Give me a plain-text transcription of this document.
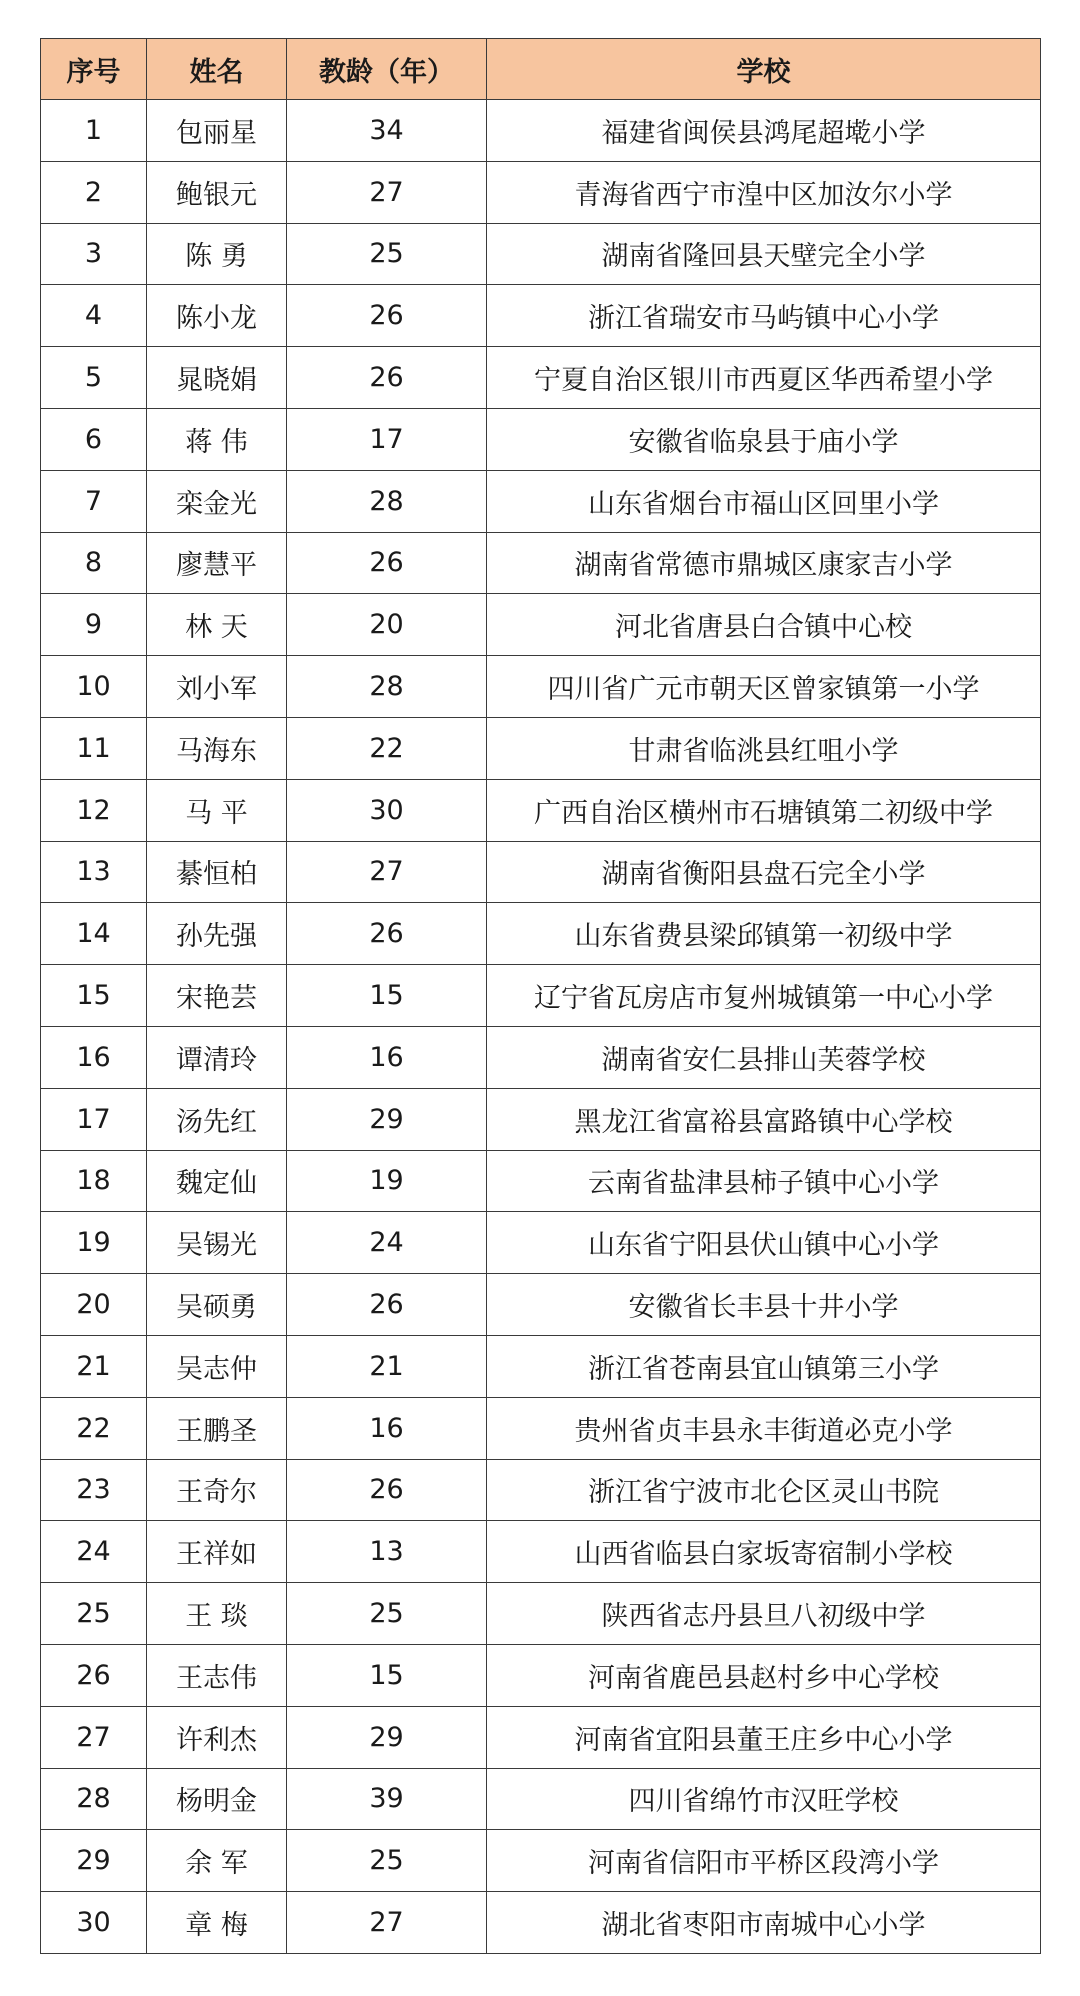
序号	姓名	教龄（年）	学校
1	包丽星	34	福建省闽侯县鸿尾超墘小学
2	鲍银元	27	青海省西宁市湟中区加汝尔小学
3	陈 勇	25	湖南省隆回县天壁完全小学
4	陈小龙	26	浙江省瑞安市马屿镇中心小学
5	晁晓娟	26	宁夏自治区银川市西夏区华西希望小学
6	蒋 伟	17	安徽省临泉县于庙小学
7	栾金光	28	山东省烟台市福山区回里小学
8	廖慧平	26	湖南省常德市鼎城区康家吉小学
9	林 天	20	河北省唐县白合镇中心校
10	刘小军	28	四川省广元市朝天区曾家镇第一小学
11	马海东	22	甘肃省临洮县红咀小学
12	马 平	30	广西自治区横州市石塘镇第二初级中学
13	綦恒柏	27	湖南省衡阳县盘石完全小学
14	孙先强	26	山东省费县梁邱镇第一初级中学
15	宋艳芸	15	辽宁省瓦房店市复州城镇第一中心小学
16	谭清玲	16	湖南省安仁县排山芙蓉学校
17	汤先红	29	黑龙江省富裕县富路镇中心学校
18	魏定仙	19	云南省盐津县柿子镇中心小学
19	吴锡光	24	山东省宁阳县伏山镇中心小学
20	吴硕勇	26	安徽省长丰县十井小学
21	吴志仲	21	浙江省苍南县宜山镇第三小学
22	王鹏圣	16	贵州省贞丰县永丰街道必克小学
23	王奇尔	26	浙江省宁波市北仑区灵山书院
24	王祥如	13	山西省临县白家坂寄宿制小学校
25	王 琰	25	陕西省志丹县旦八初级中学
26	王志伟	15	河南省鹿邑县赵村乡中心学校
27	许利杰	29	河南省宜阳县董王庄乡中心小学
28	杨明金	39	四川省绵竹市汉旺学校
29	余 军	25	河南省信阳市平桥区段湾小学
30	章 梅	27	湖北省枣阳市南城中心小学
